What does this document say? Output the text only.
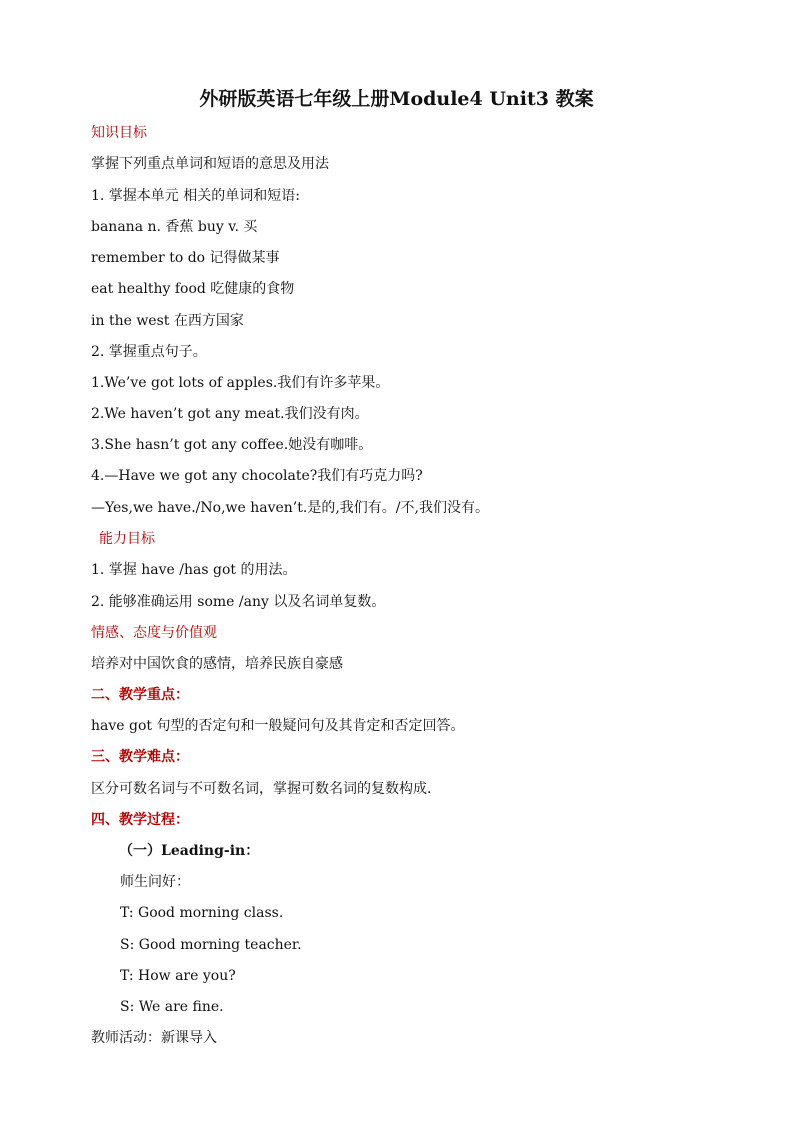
外研版英语七年级上册Module4 Unit3 教案
知识目标
掌握下列重点单词和短语的意思及用法
1. 掌握本单元 相关的单词和短语:
banana n. 香蕉 buy v. 买
remember to do 记得做某事
eat healthy food 吃健康的食物
in the west 在西方国家
2. 掌握重点句子。
1.We’ve got lots of apples.我们有许多苹果。
2.We haven’t got any meat.我们没有肉。
3.She hasn’t got any coffee.她没有咖啡。
4.—Have we got any chocolate?我们有巧克力吗?
—Yes,we have./No,we haven’t.是的,我们有。/不,我们没有。
能力目标
1. 掌握 have /has got 的用法。
2. 能够准确运用 some /any 以及名词单复数。
情感、态度与价值观
培养对中国饮食的感情，培养民族自豪感
二、教学重点：
have got 句型的否定句和一般疑问句及其肯定和否定回答。
三、教学难点：
区分可数名词与不可数名词，掌握可数名词的复数构成.
四、教学过程：
（一）Leading-in：
师生问好：
T: Good morning class.
S: Good morning teacher.
T: How are you?
S: We are fine.
教师活动：新课导入
